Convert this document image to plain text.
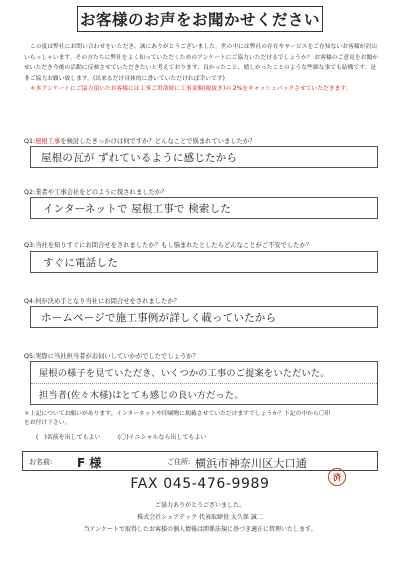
お客様のお声をお聞かせください

この度は弊社にお問い合わせをいただき、誠にありがとうございました。世の中には弊社の存在やサービスをご存知ないお客様が沢山いらっしゃいます。その方たちに弊社をよく知っていただくためのアンケートにご協力いただけるでしょうか？ お客様のご意見をお聞かせいただき今後の活動に反映させていただきたいと考えております。良かったこと、嬉しかったことのような些細な事でも結構です。是非ご協力お願い致します。(出来るだけ具体的に書いていただければ幸いです)

＊本アンケートにご協力頂いたお客様には工事ご用命時に工事金額(税抜き)の 2%をキャッシュバックさせていただきます。

Q1:屋根工事を検討したきっかけは何ですか？どんなことで悩まれていましたか？
屋根の瓦が ずれているように感じたから
Q2:業者や工事会社をどのように探されましたか？
インターネットで 屋根工事で 検索した
Q3:当社を知りすぐにお問合せをされましたか？もし悩まれたとしたらどんなことがご不安でしたか？
すぐに電話した
Q4:何が決め手となり当社にお問合せをされましたか？
ホームページで施工事例が詳しく載っていたから
Q5:実際に当社担当者がお伺いしていかがでしたでしょうか？
屋根の様子を見ていただき、いくつかの工事のご提案をいただいた。
担当者(佐々木様)はとても感じの良い方だった。
＊上記についてお願いがあります。インターネットや印刷物に掲載させていただけますでしょうか？下記の中から〇印
をお付け下さい。
(　)名前を出してもよい	(〇)イニシャルなら出してもよい
お名前: F 様	ご住所: 横浜市神奈川区大口通
済
FAX 045-476-9989
ご協力ありがとうございました。
株式会社シェアテック 代表取締役 大久保 誠二
当アンケートで取得したお客様の個人情報は関係法規に基づき適正に管理いたします。
